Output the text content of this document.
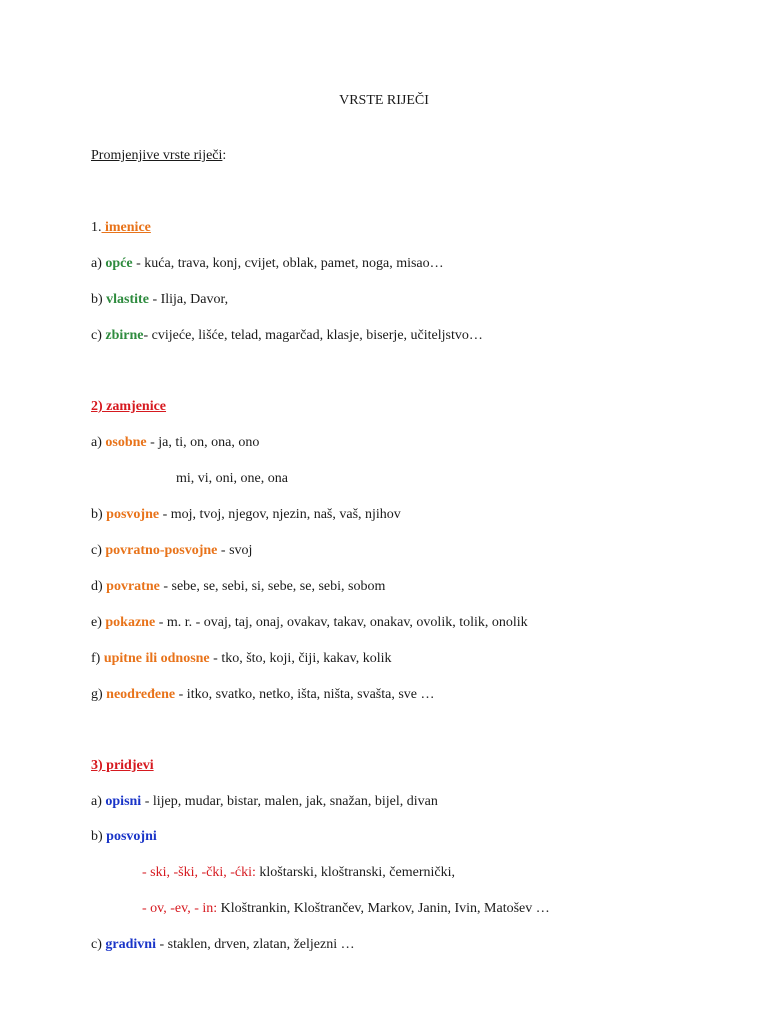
VRSTE RIJEČI
Promjenjive vrste riječi:
1. imenice
a) opće - kuća, trava, konj, cvijet, oblak, pamet, noga, misao…
b) vlastite - Ilija, Davor,
c) zbirne- cvijeće, lišće, telad, magarčad, klasje, biserje, učiteljstvo…
2) zamjenice
a) osobne - ja, ti, on, ona, ono
mi, vi, oni, one, ona
b) posvojne - moj, tvoj, njegov, njezin, naš, vaš, njihov
c) povratno-posvojne - svoj
d) povratne - sebe, se, sebi, si, sebe, se, sebi, sobom
e) pokazne - m. r. - ovaj, taj, onaj, ovakav, takav, onakav, ovolik, tolik, onolik
f) upitne ili odnosne - tko, što, koji, čiji, kakav, kolik
g) neodređene - itko, svatko, netko, išta, ništa, svašta, sve …
3) pridjevi
a) opisni - lijep, mudar, bistar, malen, jak, snažan, bijel, divan
b) posvojni
- ski, -ški, -čki, -ćki: kloštarski, kloštranski, čemernički,
- ov, -ev, - in: Kloštrankin, Kloštrančev, Markov, Janin, Ivin, Matošev …
c) gradivni - staklen, drven, zlatan, željezni …
